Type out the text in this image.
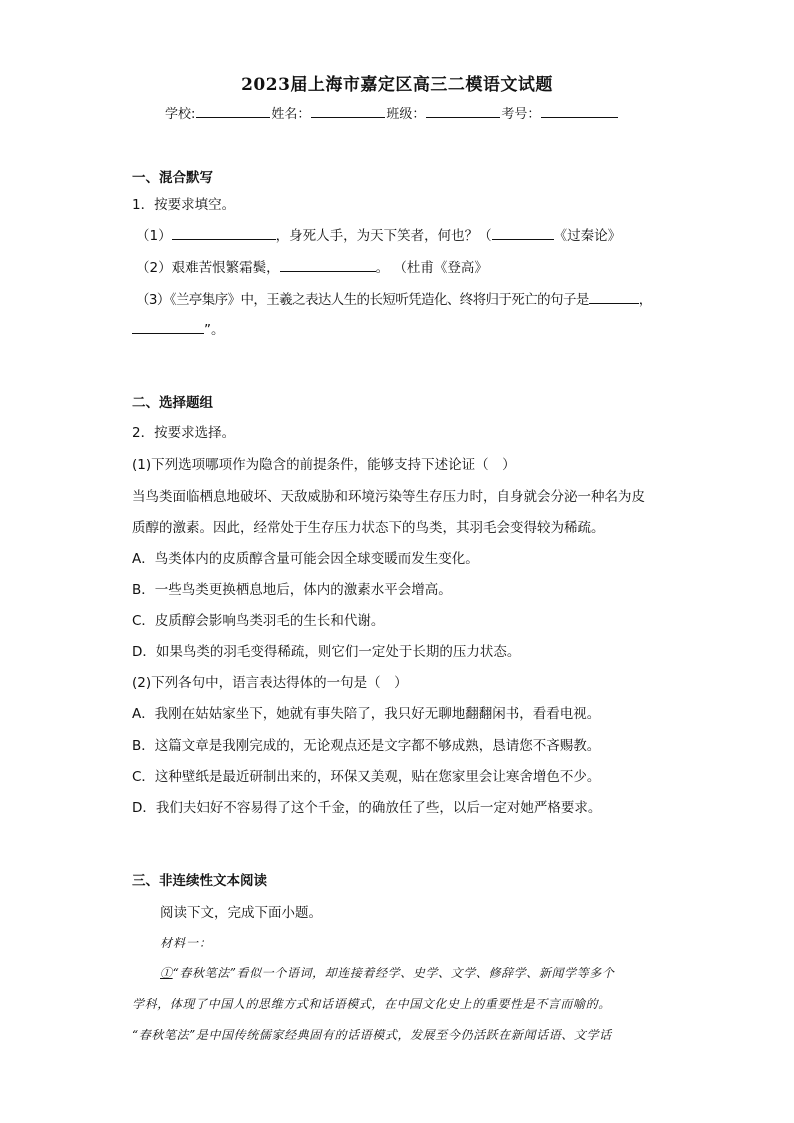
2023届上海市嘉定区高三二模语文试题
学校:	姓名：	班级：	考号：
一、混合默写
1．按要求填空。
（1）	，身死人手，为天下笑者，何也？（	《过秦论》
（2）艰难苦恨繁霜鬓，	。 （杜甫《登高》
（3）《兰亭集序》中，王羲之表达人生的长短听凭造化、终将归于死亡的句子是	，
”。
二、选择题组
2．按要求选择。
(1)下列选项哪项作为隐含的前提条件，能够支持下述论证（　）
当鸟类面临栖息地破坏、天敌威胁和环境污染等生存压力时，自身就会分泌一种名为皮
质醇的激素。因此，经常处于生存压力状态下的鸟类，其羽毛会变得较为稀疏。
A．鸟类体内的皮质醇含量可能会因全球变暖而发生变化。
B．一些鸟类更换栖息地后，体内的激素水平会增高。
C．皮质醇会影响鸟类羽毛的生长和代谢。
D．如果鸟类的羽毛变得稀疏，则它们一定处于长期的压力状态。
(2)下列各句中，语言表达得体的一句是（　）
A．我刚在姑姑家坐下，她就有事失陪了，我只好无聊地翻翻闲书，看看电视。
B．这篇文章是我刚完成的，无论观点还是文字都不够成熟，恳请您不吝赐教。
C．这种壁纸是最近研制出来的，环保又美观，贴在您家里会让寒舍增色不少。
D．我们夫妇好不容易得了这个千金，的确放任了些，以后一定对她严格要求。
三、非连续性文本阅读
阅读下文，完成下面小题。
材料一：
①“春秋笔法”看似一个语词，却连接着经学、史学、文学、修辞学、新闻学等多个
学科，体现了中国人的思维方式和话语模式，在中国文化史上的重要性是不言而喻的。
“春秋笔法”是中国传统儒家经典固有的话语模式，发展至今仍活跃在新闻话语、文学话
